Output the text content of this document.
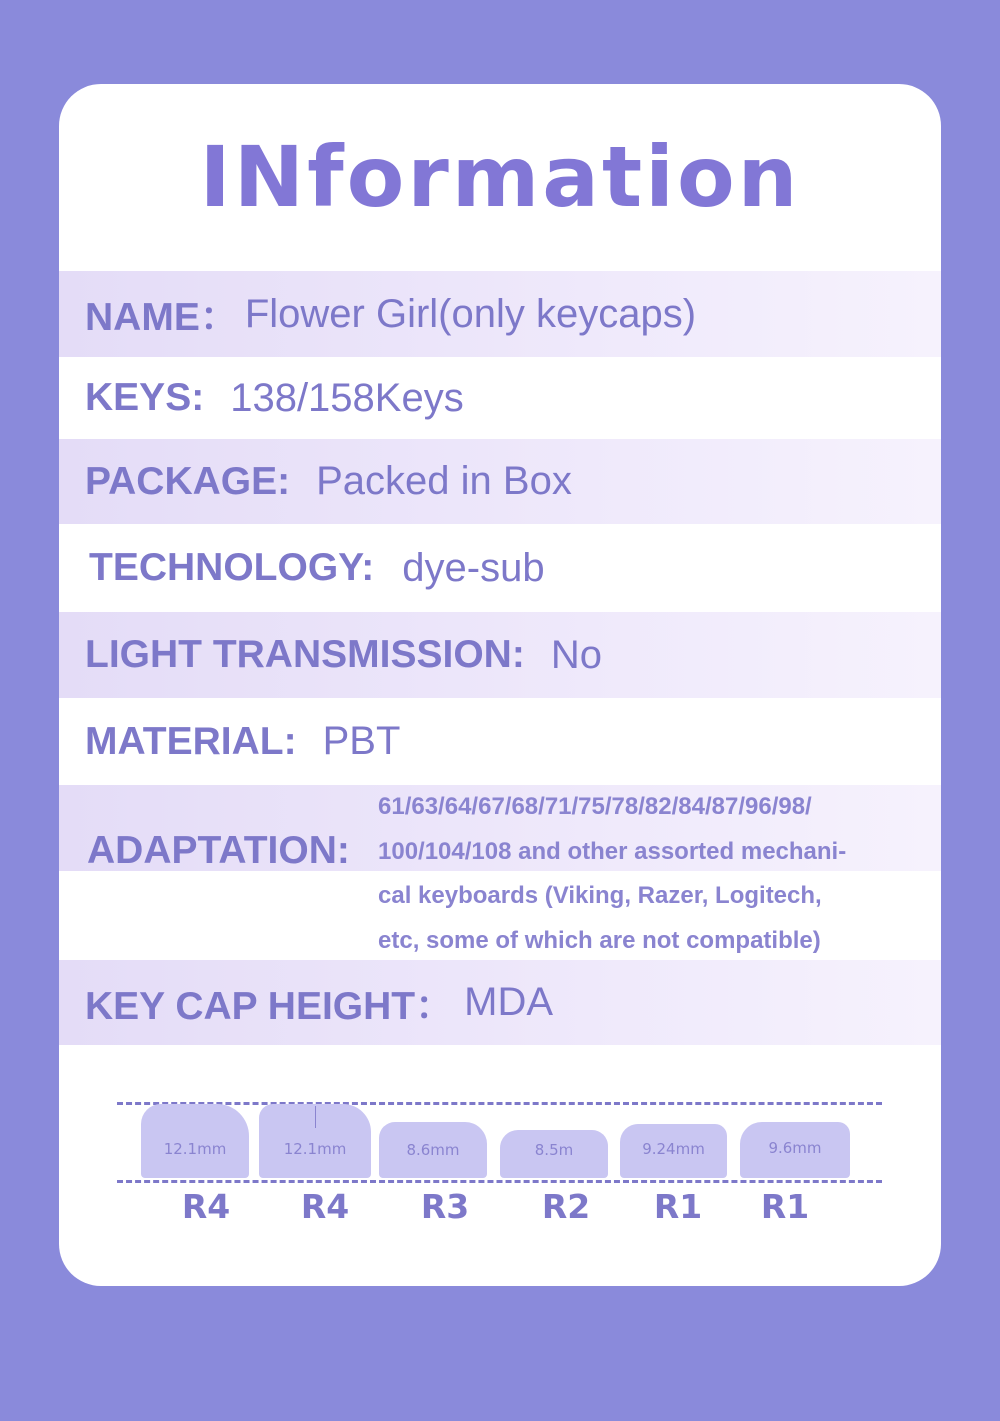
INformation
NAME： Flower Girl(only keycaps)
KEYS: 138/158Keys
PACKAGE: Packed in Box
TECHNOLOGY: dye-sub
LIGHT TRANSMISSION: No
MATERIAL: PBT
ADAPTATION:
61/63/64/67/68/71/75/78/82/84/87/96/98/
100/104/108 and other assorted mechani-
cal keyboards (Viking, Razer, Logitech,
etc, some of which are not compatible)
KEY CAP HEIGHT： MDA
12.1mm	12.1mm	8.6mm	8.5m	9.24mm	9.6mm
R4	R4	R3	R2	R1	R1
